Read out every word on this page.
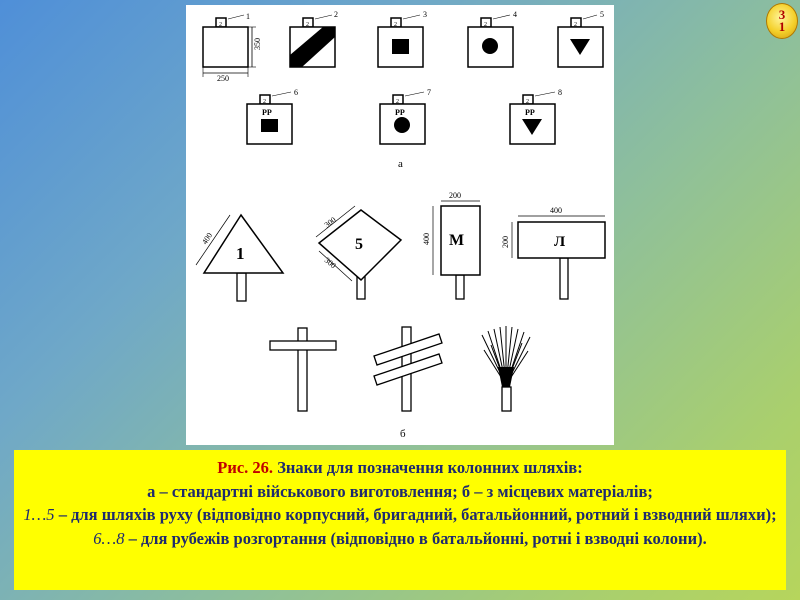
2
1
350
250
2
2
2
3
2
4
2
5
2
РР
6
2
РР
7
2
РР
8
а
1
400	5
300
300
М
200
400	Л
400
200
б
31
Рис. 26. Знаки для позначення колонних шляхів:
а – стандартні військового виготовлення; б – з місцевих матеріалів;
1…5 – для шляхів руху (відповідно корпусний, бригадний, батальйонний, ротний і взводний шляхи); 6…8 – для рубежів розгортання (відповідно в батальйонні, ротні і взводні колони).
